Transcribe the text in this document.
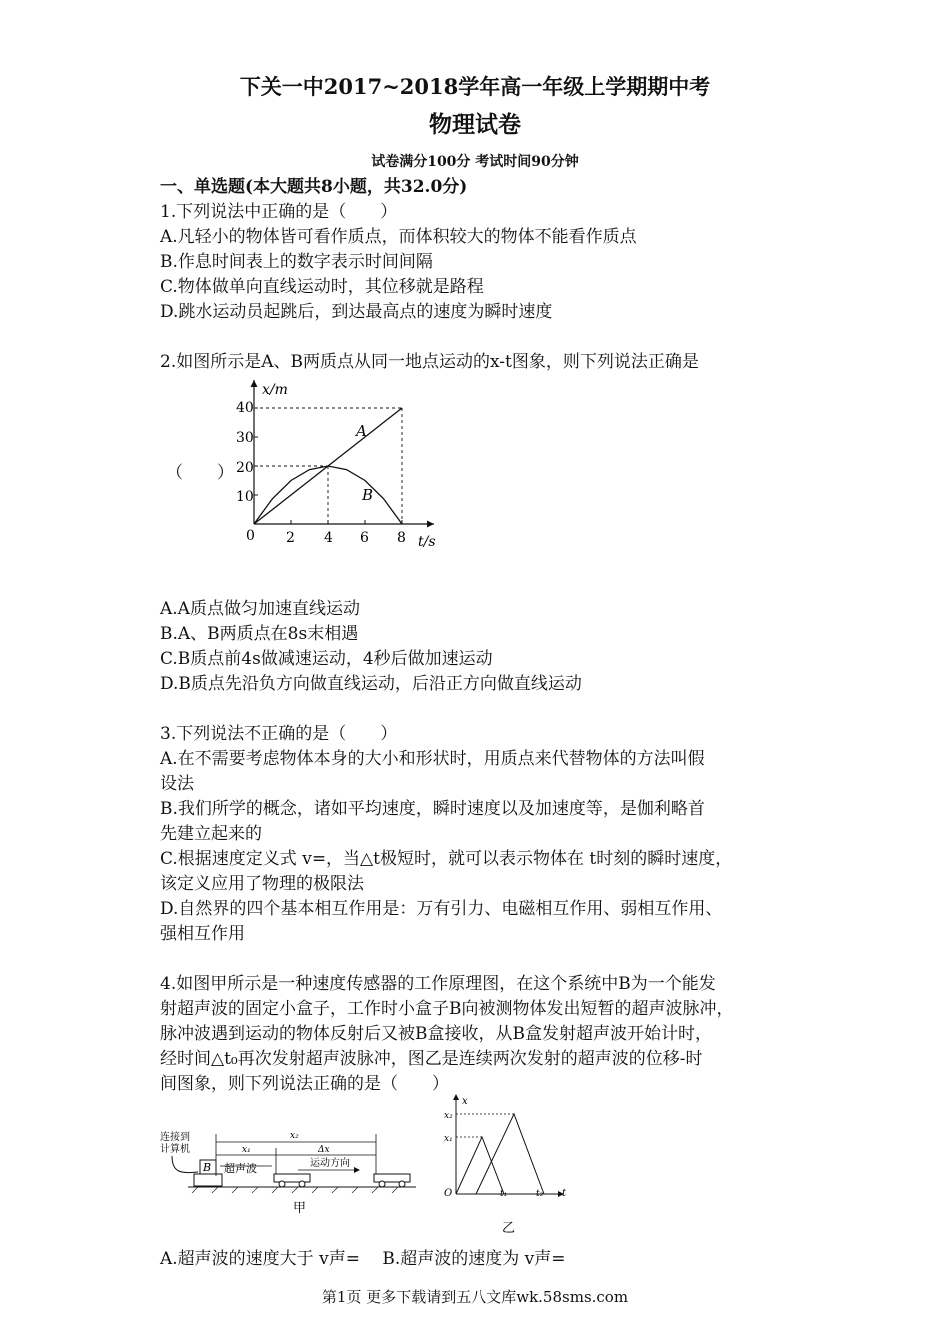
下关一中2017~2018学年高一年级上学期期中考
物理试卷
试卷满分100分 考试时间90分钟
一、单选题(本大题共8小题，共32.0分)
1.下列说法中正确的是（　　）
A.凡轻小的物体皆可看作质点，而体积较大的物体不能看作质点
B.作息时间表上的数字表示时间间隔
C.物体做单向直线运动时，其位移就是路程
D.跳水运动员起跳后，到达最高点的速度为瞬时速度
2.如图所示是A、B两质点从同一地点运动的x-t图象，则下列说法正确是
（　　）
x/m
t/s
0 2 4 6 8
10
20
30
40
A
B
A.A质点做匀加速直线运动
B.A、B两质点在8s末相遇
C.B质点前4s做减速运动，4秒后做加速运动
D.B质点先沿负方向做直线运动，后沿正方向做直线运动
3.下列说法不正确的是（　　）
A.在不需要考虑物体本身的大小和形状时，用质点来代替物体的方法叫假
设法
B.我们所学的概念，诸如平均速度，瞬时速度以及加速度等，是伽利略首
先建立起来的
C.根据速度定义式 v=，当△t极短时，就可以表示物体在 t时刻的瞬时速度，
该定义应用了物理的极限法
D.自然界的四个基本相互作用是：万有引力、电磁相互作用、弱相互作用、
强相互作用
4.如图甲所示是一种速度传感器的工作原理图，在这个系统中B为一个能发
射超声波的固定小盒子，工作时小盒子B向被测物体发出短暂的超声波脉冲，
脉冲波遇到运动的物体反射后又被B盒接收，从B盒发射超声波开始计时，
经时间△t₀再次发射超声波脉冲，图乙是连续两次发射的超声波的位移-时
间图象，则下列说法正确的是（　　）
连接到
计算机
B
x₂
x₁	Δx
超声波	运动方向
甲
x
t
O
x₂
x₁
t₁	t₂
乙
A.超声波的速度大于 v声=　 B.超声波的速度为 v声=
第1页 更多下载请到五八文库wk.58sms.com
